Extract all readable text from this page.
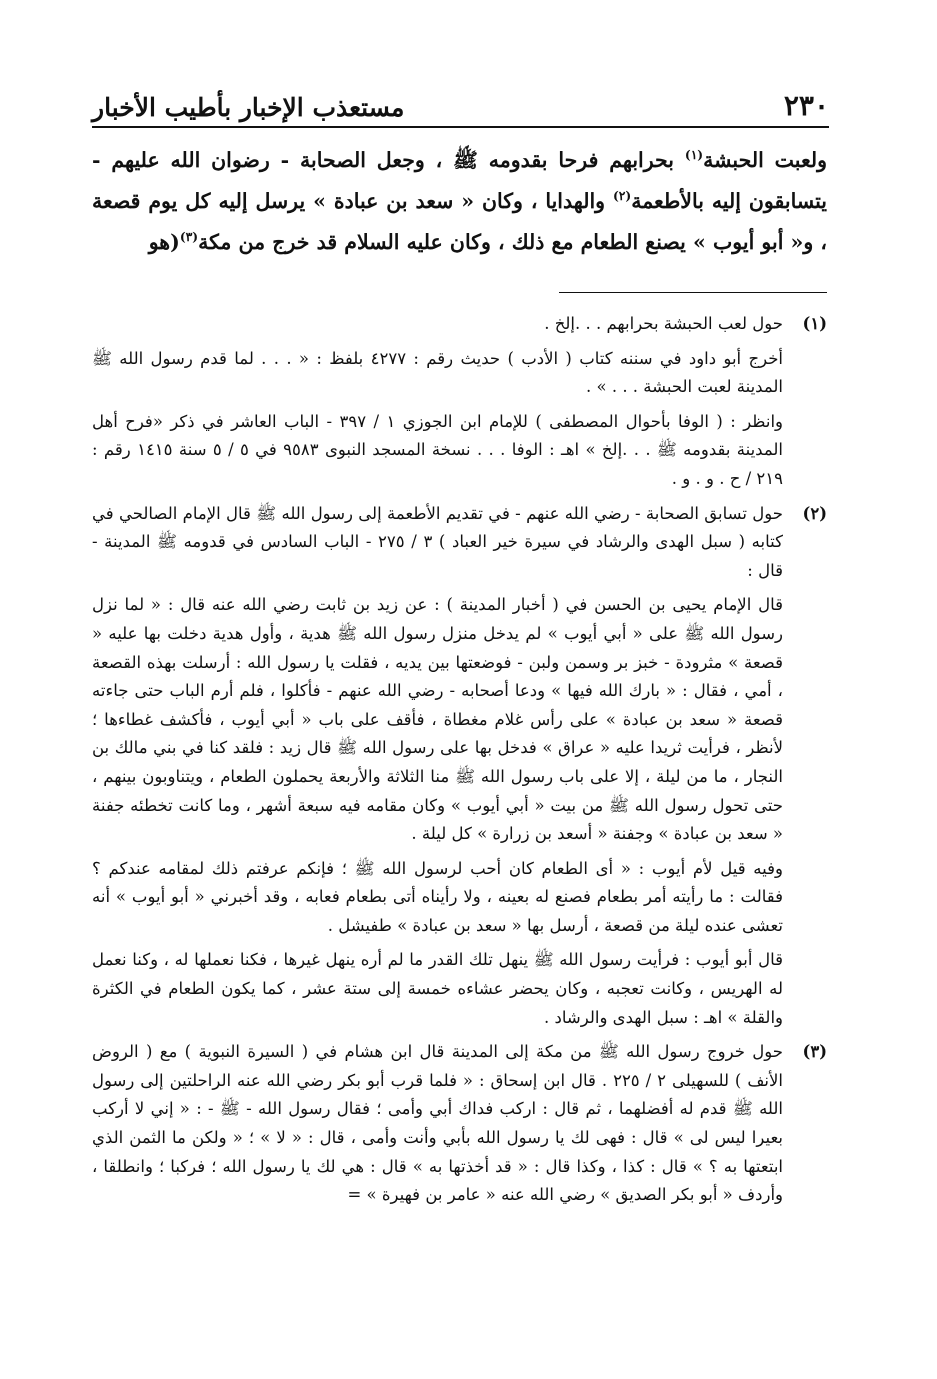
٢٣٠
مستعذب الإخبار بأطيب الأخبار

ولعبت الحبشة$^{(١)}$ بحرابهم فرحا بقدومه ﷺ ، وجعل الصحابة - رضوان الله عليهم - يتسابقون إليه بالأطعمة$^{(٢)}$ والهدايا ، وكان « سعد بن عبادة » يرسل إليه كل يوم قصعة ، و« أبو أيوب » يصنع الطعام مع ذلك ، وكان عليه السلام قد خرج من مكة$^{(٣)}$(هو

(١)

حول لعب الحبشة بحرابهم . . .إلخ .

أخرج أبو داود في سننه كتاب ( الأدب ) حديث رقم : ٤٢٧٧ بلفظ : « . . . لما قدم رسول الله ﷺ المدينة لعبت الحبشة . . . » .

وانظر : ( الوفا بأحوال المصطفى ) للإمام ابن الجوزي ١ / ٣٩٧ - الباب العاشر في ذكر «فرح أهل المدينة بقدومه ﷺ . . .إلخ » اهـ : الوفا . . . نسخة المسجد النبوى ٩٥٨٣ في ٥ / ٥ سنة ١٤١٥ رقم : ٢١٩ / ح . و . و .

(٢)

حول تسابق الصحابة - رضي الله عنهم - في تقديم الأطعمة إلى رسول الله ﷺ قال الإمام الصالحي في كتابه ( سبل الهدى والرشاد في سيرة خير العباد ) ٣ / ٢٧٥ - الباب السادس في قدومه ﷺ المدينة - قال :

قال الإمام يحيى بن الحسن في ( أخبار المدينة ) : عن زيد بن ثابت رضي الله عنه قال : « لما نزل رسول الله ﷺ على « أبي أيوب » لم يدخل منزل رسول الله ﷺ هدية ، وأول هدية دخلت بها عليه « قصعة » مثرودة - خبز بر وسمن ولبن - فوضعتها بين يديه ، فقلت يا رسول الله : أرسلت بهذه القصعة ، أمي ، فقال : « بارك الله فيها » ودعا أصحابه - رضي الله عنهم - فأكلوا ، فلم أرم الباب حتى جاءته قصعة « سعد بن عبادة » على رأس غلام مغطاة ، فأقف على باب « أبي أيوب ، فأكشف غطاءها ؛ لأنظر ، فرأيت ثريدا عليه « عراق » فدخل بها على رسول الله ﷺ قال زيد : فلقد كنا في بني مالك بن النجار ، ما من ليلة ، إلا على باب رسول الله ﷺ منا الثلاثة والأربعة يحملون الطعام ، ويتناوبون بينهم ، حتى تحول رسول الله ﷺ من بيت « أبي أيوب » وكان مقامه فيه سبعة أشهر ، وما كانت تخطئه جفنة « سعد بن عبادة » وجفنة « أسعد بن زرارة » كل ليلة .

وفيه قيل لأم أيوب : « أى الطعام كان أحب لرسول الله ﷺ ؛ فإنكم عرفتم ذلك لمقامه عندكم ؟ فقالت : ما رأيته أمر بطعام فصنع له بعينه ، ولا رأيناه أتى بطعام فعابه ، وقد أخبرني « أبو أيوب » أنه تعشى عنده ليلة من قصعة ، أرسل بها « سعد بن عبادة » طفيشل .

قال أبو أيوب : فرأيت رسول الله ﷺ ينهل تلك القدر ما لم أره ينهل غيرها ، فكنا نعملها له ، وكنا نعمل له الهريس ، وكانت تعجبه ، وكان يحضر عشاءه خمسة إلى ستة عشر ، كما يكون الطعام في الكثرة والقلة » اهـ : سبل الهدى والرشاد .

(٣)

حول خروج رسول الله ﷺ من مكة إلى المدينة قال ابن هشام في ( السيرة النبوية ) مع ( الروض الأنف ) للسهيلى ٢ / ٢٢٥ . قال ابن إسحاق : « فلما قرب أبو بكر رضي الله عنه الراحلتين إلى رسول الله ﷺ قدم له أفضلهما ، ثم قال : اركب فداك أبي وأمى ؛ فقال رسول الله - ﷺ - : « إني لا أركب بعيرا ليس لى » قال : فهى لك يا رسول الله بأبي وأنت وأمى ، قال : « لا » ؛ « ولكن ما الثمن الذي ابتعتها به ؟ » قال : كذا ، وكذا قال : « قد أخذتها به » قال : هي لك يا رسول الله ؛ فركبا ؛ وانطلقا ، وأردف « أبو بكر الصديق » رضي الله عنه « عامر بن فهيرة » =
